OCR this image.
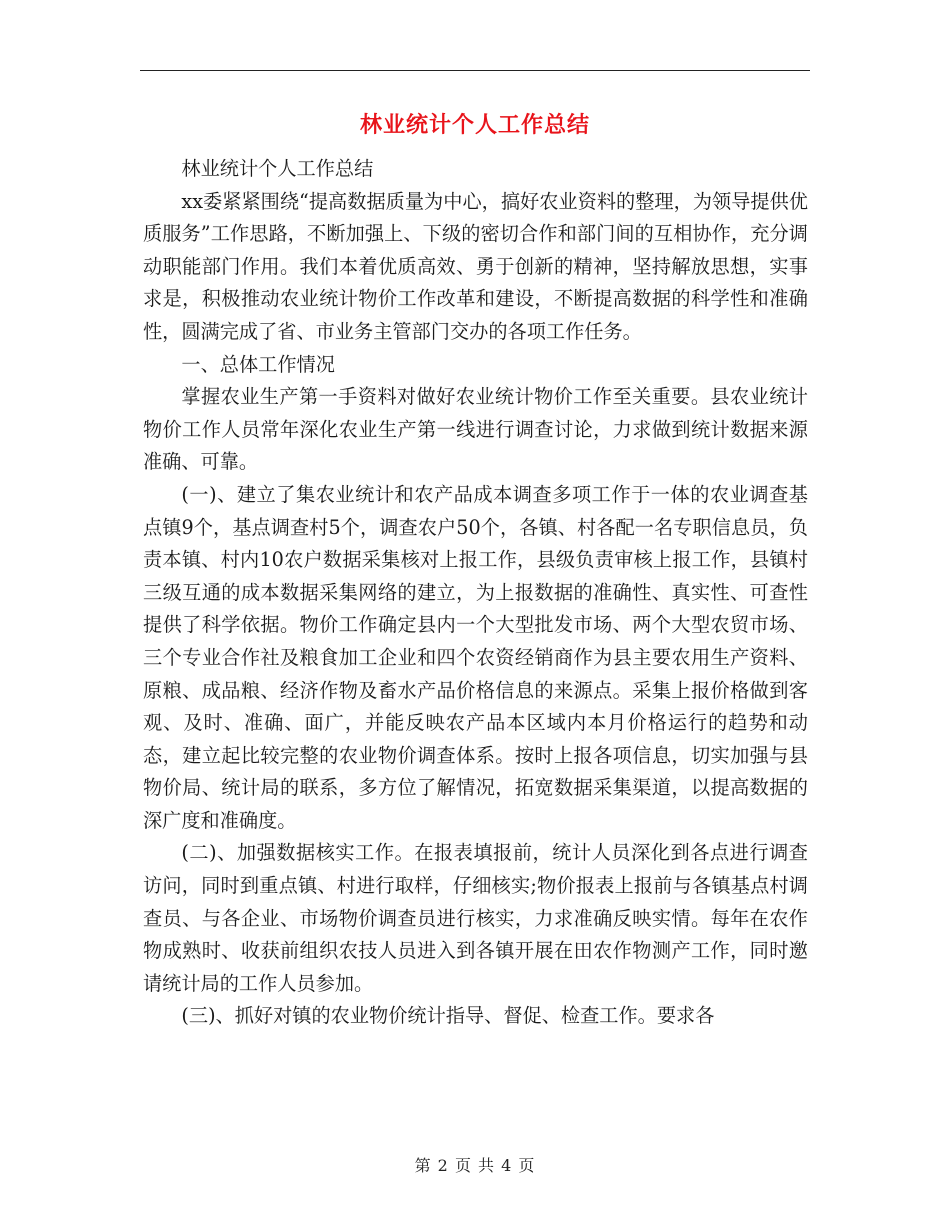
林业统计个人工作总结

林业统计个人工作总结

xx委紧紧围绕“提高数据质量为中心，搞好农业资料的整理，为领导提供优质服务”工作思路，不断加强上、下级的密切合作和部门间的互相协作，充分调动职能部门作用。我们本着优质高效、勇于创新的精神，坚持解放思想，实事求是，积极推动农业统计物价工作改革和建设，不断提高数据的科学性和准确性，圆满完成了省、市业务主管部门交办的各项工作任务。

一、总体工作情况

掌握农业生产第一手资料对做好农业统计物价工作至关重要。县农业统计物价工作人员常年深化农业生产第一线进行调查讨论，力求做到统计数据来源准确、可靠。

(一)、建立了集农业统计和农产品成本调查多项工作于一体的农业调查基点镇9个，基点调查村5个，调查农户50个，各镇、村各配一名专职信息员，负责本镇、村内10农户数据采集核对上报工作，县级负责审核上报工作，县镇村三级互通的成本数据采集网络的建立，为上报数据的准确性、真实性、可查性提供了科学依据。物价工作确定县内一个大型批发市场、两个大型农贸市场、三个专业合作社及粮食加工企业和四个农资经销商作为县主要农用生产资料、原粮、成品粮、经济作物及畜水产品价格信息的来源点。采集上报价格做到客观、及时、准确、面广，并能反映农产品本区域内本月价格运行的趋势和动态，建立起比较完整的农业物价调查体系。按时上报各项信息，切实加强与县物价局、统计局的联系，多方位了解情况，拓宽数据采集渠道，以提高数据的深广度和准确度。

(二)、加强数据核实工作。在报表填报前，统计人员深化到各点进行调查访问，同时到重点镇、村进行取样，仔细核实;物价报表上报前与各镇基点村调查员、与各企业、市场物价调查员进行核实，力求准确反映实情。每年在农作物成熟时、收获前组织农技人员进入到各镇开展在田农作物测产工作，同时邀请统计局的工作人员参加。

(三)、抓好对镇的农业物价统计指导、督促、检查工作。要求各

第 2 页 共 4 页
